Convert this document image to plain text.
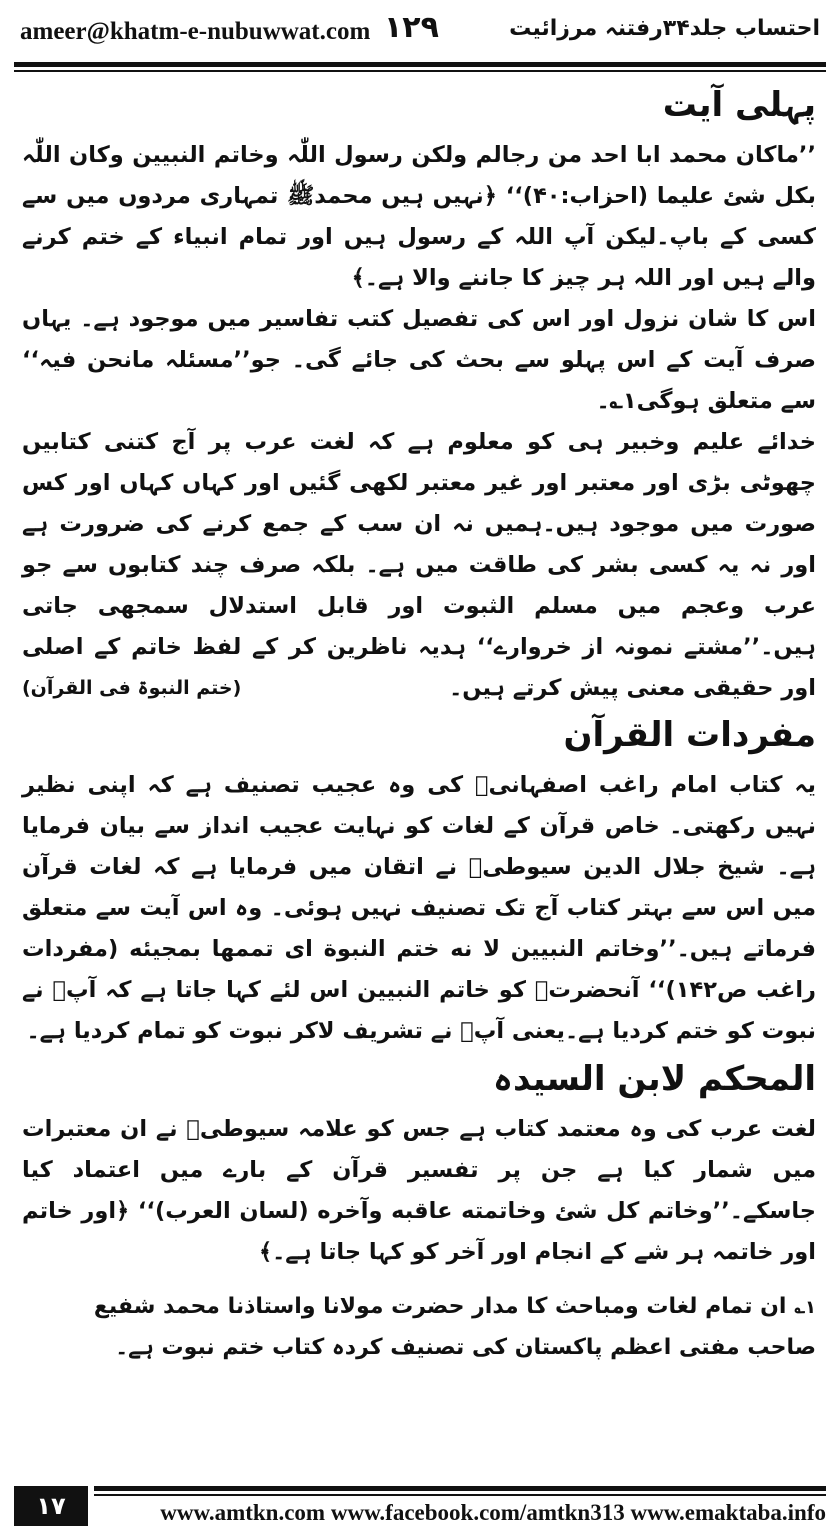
ameer@khatm-e-nubuwwat.com ۱۲۹	احتساب جلد۳۴رفتنہ مرزائیت
پہلی آیت

’’ماکان محمد ابا احد من رجالم ولکن رسول اللّٰہ وخاتم النبیین وکان اللّٰہ بکل شئ علیما (احزاب:۴۰)‘‘ ﴿نہیں ہیں محمدﷺ تمہاری مردوں میں سے کسی کے باپ۔لیکن آپ اللہ کے رسول ہیں اور تمام انبیاء کے ختم کرنے والے ہیں اور اللہ ہر چیز کا جاننے والا ہے۔﴾

اس کا شان نزول اور اس کی تفصیل کتب تفاسیر میں موجود ہے۔ یہاں صرف آیت کے اس پہلو سے بحث کی جائے گی۔ جو’’مسئلہ مانحن فیہ‘‘ سے متعلق ہوگی۱؎۔

خدائے علیم وخبیر ہی کو معلوم ہے کہ لغت عرب پر آج کتنی کتابیں چھوٹی بڑی اور معتبر اور غیر معتبر لکھی گئیں اور کہاں کہاں اور کس صورت میں موجود ہیں۔ہمیں نہ ان سب کے جمع کرنے کی ضرورت ہے اور نہ یہ کسی بشر کی طاقت میں ہے۔ بلکہ صرف چند کتابوں سے جو عرب وعجم میں مسلم الثبوت اور قابل استدلال سمجھی جاتی ہیں۔’’مشتے نمونہ از خروارے‘‘ ہدیہ ناظرین کر کے لفظ خاتم کے اصلی اور حقیقی معنی پیش کرتے ہیں۔

(ختم النبوۃ فی القرآن)
مفردات القرآن

یہ کتاب امام راغب اصفہانیؒ کی وہ عجیب تصنیف ہے کہ اپنی نظیر نہیں رکھتی۔ خاص قرآن کے لغات کو نہایت عجیب انداز سے بیان فرمایا ہے۔ شیخ جلال الدین سیوطیؒ نے اتقان میں فرمایا ہے کہ لغات قرآن میں اس سے بہتر کتاب آج تک تصنیف نہیں ہوئی۔ وہ اس آیت سے متعلق فرماتے ہیں۔’’وخاتم النبیین لا نه ختم النبوة ای تممها بمجیئه (مفردات راغب ص۱۴۲)‘‘ آنحضرتﷺ کو خاتم النبیین اس لئے کہا جاتا ہے کہ آپؐ نے نبوت کو ختم کردیا ہے۔یعنی آپؐ نے تشریف لاکر نبوت کو تمام کردیا ہے۔

المحکم لابن السیدہ

لغت عرب کی وہ معتمد کتاب ہے جس کو علامہ سیوطیؒ نے ان معتبرات میں شمار کیا ہے جن پر تفسیر قرآن کے بارے میں اعتماد کیا جاسکے۔’’وخاتم کل شئ وخاتمته عاقبه وآخره (لسان العرب)‘‘ ﴿اور خاتم اور خاتمہ ہر شے کے انجام اور آخر کو کہا جاتا ہے۔﴾

۱؎ان تمام لغات ومباحث کا مدار حضرت مولانا واستاذنا محمد شفیع صاحب مفتی اعظم پاکستان کی تصنیف کردہ کتاب ختم نبوت ہے۔
۱۷	www.amtkn.com www.facebook.com/amtkn313 www.emaktaba.info
